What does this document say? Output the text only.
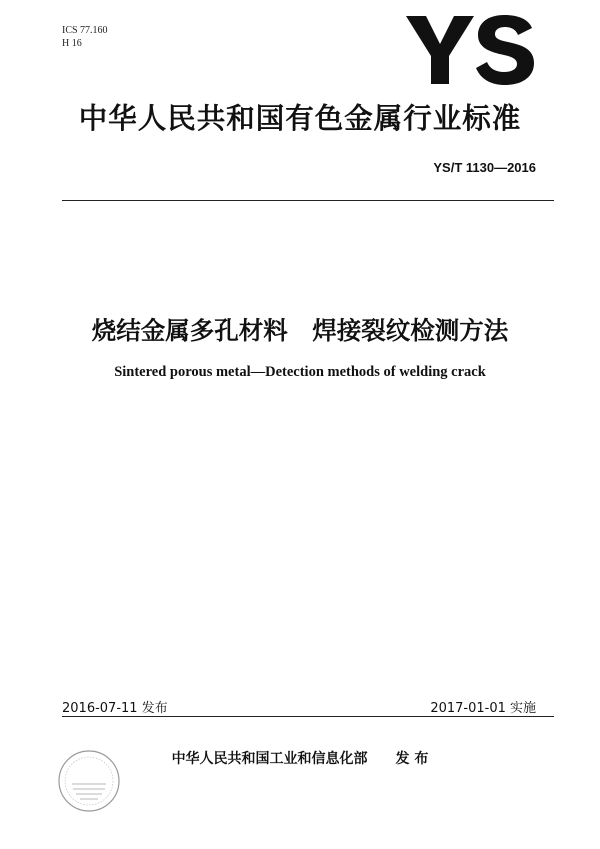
ICS 77.160
H 16
中华人民共和国有色金属行业标准
YS/T 1130—2016
烧结金属多孔材料　焊接裂纹检测方法
Sintered porous metal—Detection methods of welding crack
2016-07-11 发布	2017-01-01 实施
中华人民共和国工业和信息化部　　发 布
